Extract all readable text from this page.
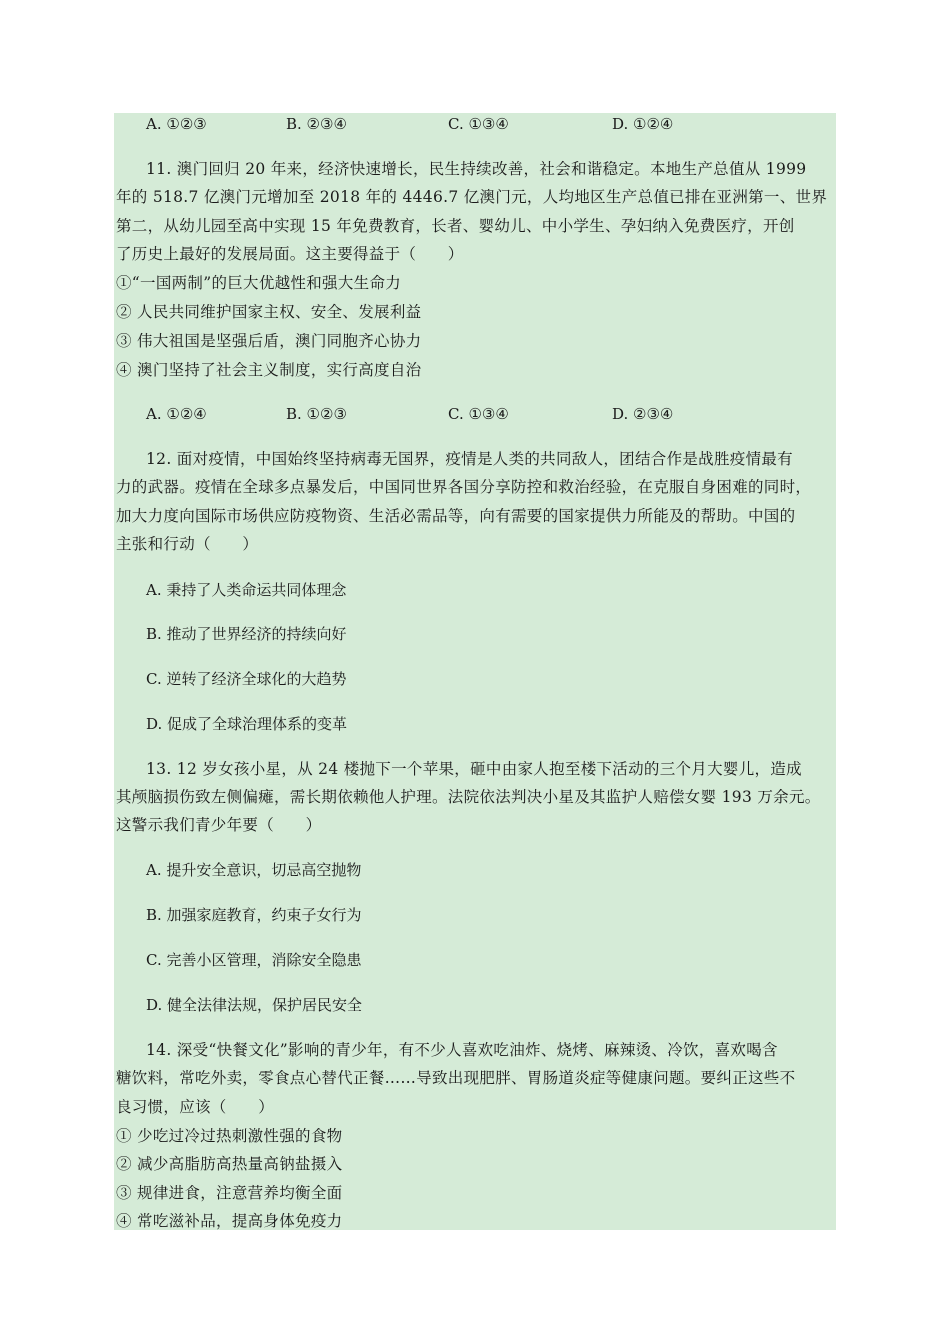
A. ①②③	B. ②③④	C. ①③④	D. ①②④
11. 澳门回归 20 年来，经济快速增长，民生持续改善，社会和谐稳定。本地生产总值从 1999
年的 518.7 亿澳门元增加至 2018 年的 4446.7 亿澳门元，人均地区生产总值已排在亚洲第一、世界
第二，从幼儿园至高中实现 15 年免费教育，长者、婴幼儿、中小学生、孕妇纳入免费医疗，开创
了历史上最好的发展局面。这主要得益于（　　）
①“一国两制”的巨大优越性和强大生命力
② 人民共同维护国家主权、安全、发展利益
③ 伟大祖国是坚强后盾，澳门同胞齐心协力
④ 澳门坚持了社会主义制度，实行高度自治
A. ①②④	B. ①②③	C. ①③④	D. ②③④
12. 面对疫情，中国始终坚持病毒无国界，疫情是人类的共同敌人，团结合作是战胜疫情最有
力的武器。疫情在全球多点暴发后，中国同世界各国分享防控和救治经验，在克服自身困难的同时，
加大力度向国际市场供应防疫物资、生活必需品等，向有需要的国家提供力所能及的帮助。中国的
主张和行动（　　）
A. 秉持了人类命运共同体理念
B. 推动了世界经济的持续向好
C. 逆转了经济全球化的大趋势
D. 促成了全球治理体系的变革
13. 12 岁女孩小星，从 24 楼抛下一个苹果，砸中由家人抱至楼下活动的三个月大婴儿，造成
其颅脑损伤致左侧偏瘫，需长期依赖他人护理。法院依法判决小星及其监护人赔偿女婴 193 万余元。
这警示我们青少年要（　　）
A. 提升安全意识，切忌高空抛物
B. 加强家庭教育，约束子女行为
C. 完善小区管理，消除安全隐患
D. 健全法律法规，保护居民安全
14. 深受“快餐文化”影响的青少年，有不少人喜欢吃油炸、烧烤、麻辣烫、冷饮，喜欢喝含
糖饮料，常吃外卖，零食点心替代正餐……导致出现肥胖、胃肠道炎症等健康问题。要纠正这些不
良习惯，应该（　　）
① 少吃过冷过热刺激性强的食物
② 减少高脂肪高热量高钠盐摄入
③ 规律进食，注意营养均衡全面
④ 常吃滋补品，提高身体免疫力
